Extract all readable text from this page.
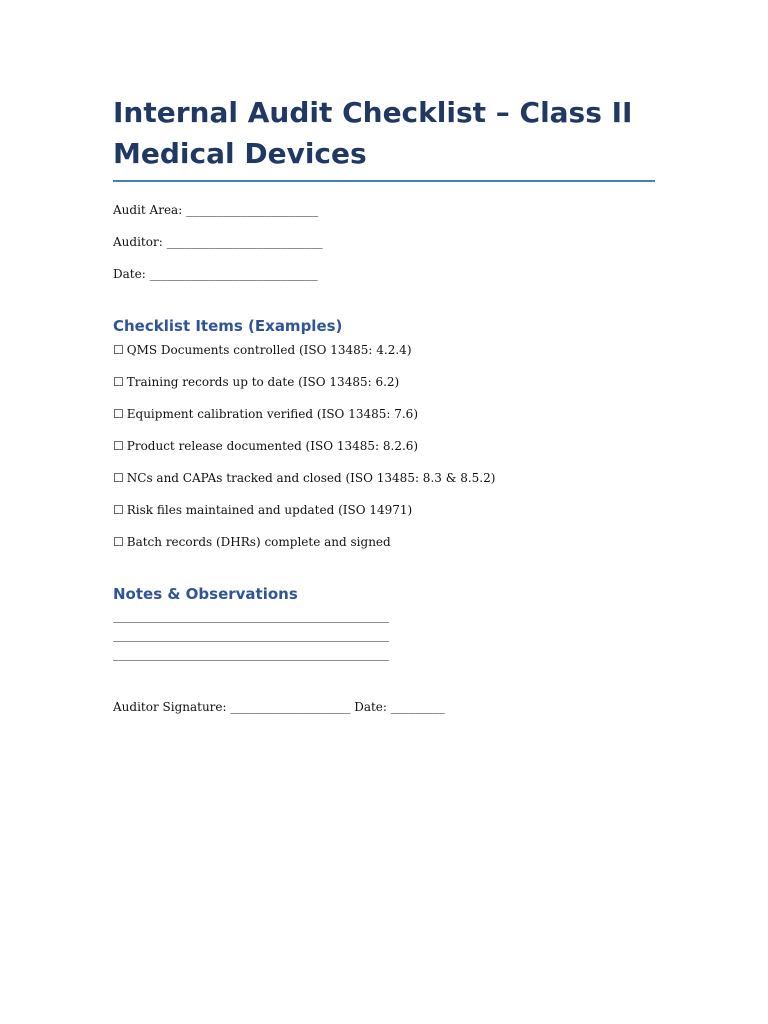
Internal Audit Checklist – Class II
Medical Devices

Audit Area: ______________________

Auditor: __________________________

Date: ____________________________

Checklist Items (Examples)
☐ QMS Documents controlled (ISO 13485: 4.2.4)
☐ Training records up to date (ISO 13485: 6.2)
☐ Equipment calibration verified (ISO 13485: 7.6)
☐ Product release documented (ISO 13485: 8.2.6)
☐ NCs and CAPAs tracked and closed (ISO 13485: 8.3 & 8.5.2)
☐ Risk files maintained and updated (ISO 14971)
☐ Batch records (DHRs) complete and signed
Notes & Observations
______________________________________________
______________________________________________
______________________________________________
Auditor Signature: ____________________ Date: _________
